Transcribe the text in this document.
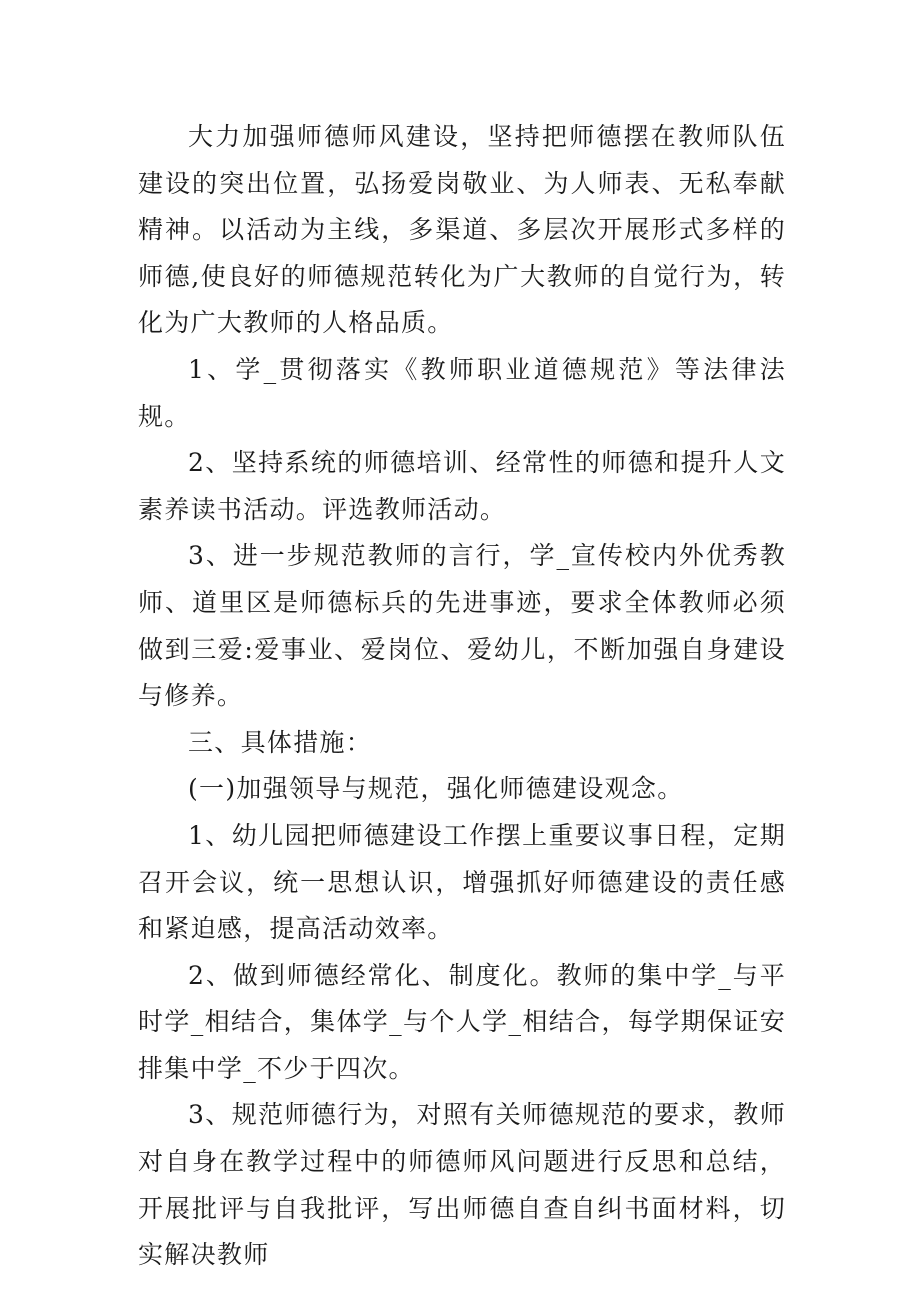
大力加强师德师风建设，坚持把师德摆在教师队伍建设的突出位置，弘扬爱岗敬业、为人师表、无私奉献精神。以活动为主线，多渠道、多层次开展形式多样的师德,使良好的师德规范转化为广大教师的自觉行为，转化为广大教师的人格品质。

1、学_贯彻落实《教师职业道德规范》等法律法规。

2、坚持系统的师德培训、经常性的师德和提升人文素养读书活动。评选教师活动。

3、进一步规范教师的言行，学_宣传校内外优秀教师、道里区是师德标兵的先进事迹，要求全体教师必须做到三爱:爱事业、爱岗位、爱幼儿，不断加强自身建设与修养。

三、具体措施：

(一)加强领导与规范，强化师德建设观念。

1、幼儿园把师德建设工作摆上重要议事日程，定期召开会议，统一思想认识，增强抓好师德建设的责任感和紧迫感，提高活动效率。

2、做到师德经常化、制度化。教师的集中学_与平时学_相结合，集体学_与个人学_相结合，每学期保证安排集中学_不少于四次。

3、规范师德行为，对照有关师德规范的要求，教师对自身在教学过程中的师德师风问题进行反思和总结，开展批评与自我批评，写出师德自查自纠书面材料，切实解决教师
